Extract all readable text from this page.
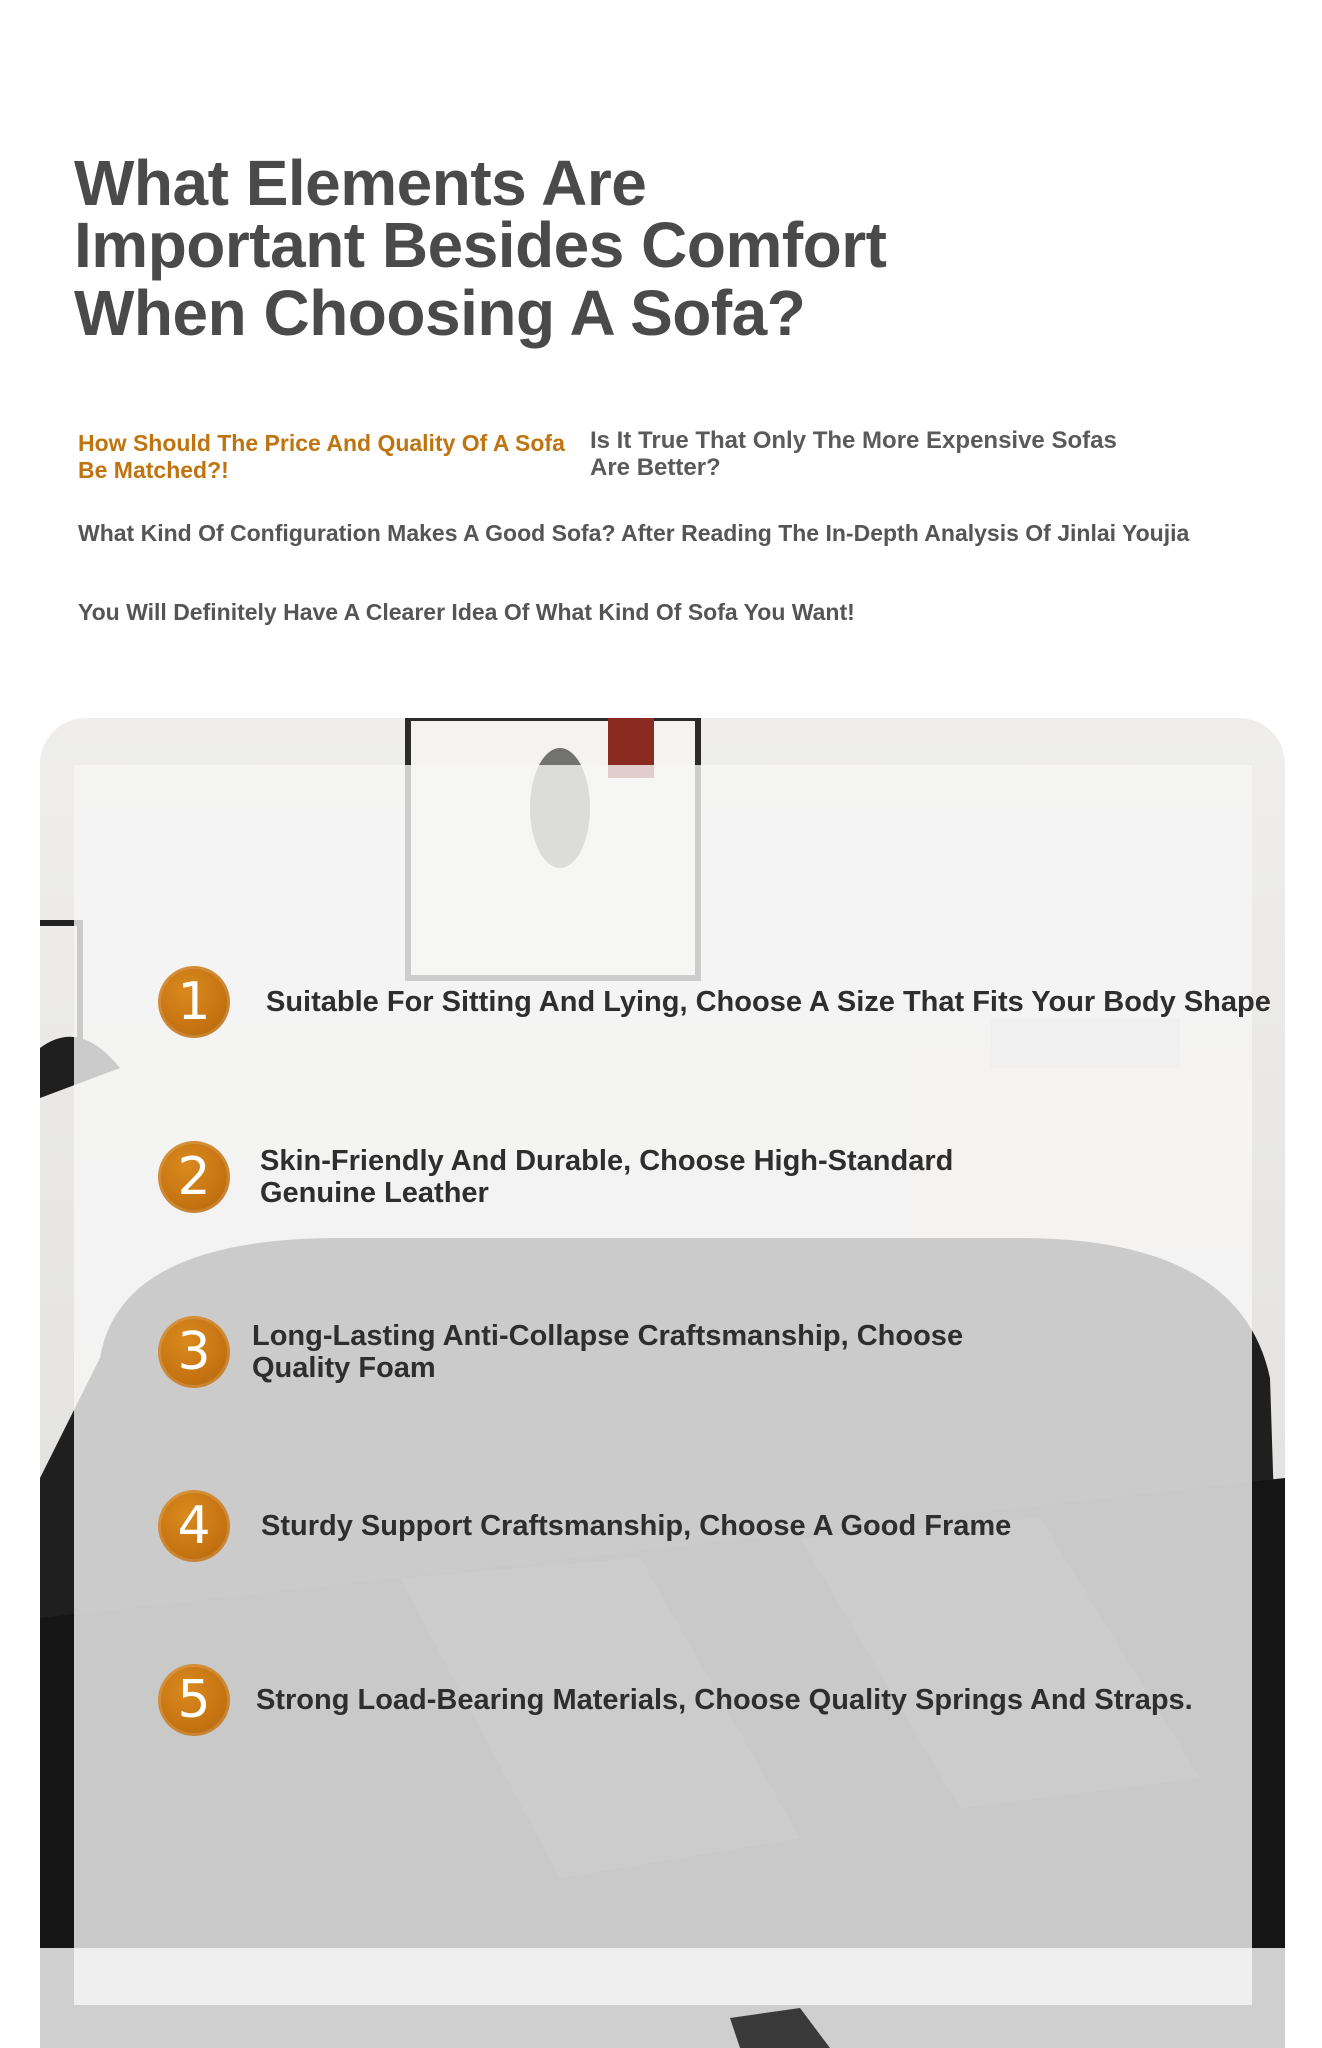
What Elements Are
Important Besides Comfort
When Choosing A Sofa?
How Should The Price And Quality Of A Sofa Be Matched?!
Is It True That Only The More Expensive Sofas Are Better?
What Kind Of Configuration Makes A Good Sofa? After Reading The In-Depth Analysis Of Jinlai Youjia
You Will Definitely Have A Clearer Idea Of What Kind Of Sofa You Want!
1	Suitable For Sitting And Lying, Choose A Size That Fits Your Body Shape
2	Skin-Friendly And Durable, Choose High-Standard Genuine Leather
3	Long-Lasting Anti-Collapse Craftsmanship, Choose Quality Foam
4	Sturdy Support Craftsmanship, Choose A Good Frame
5	Strong Load-Bearing Materials, Choose Quality Springs And Straps.
